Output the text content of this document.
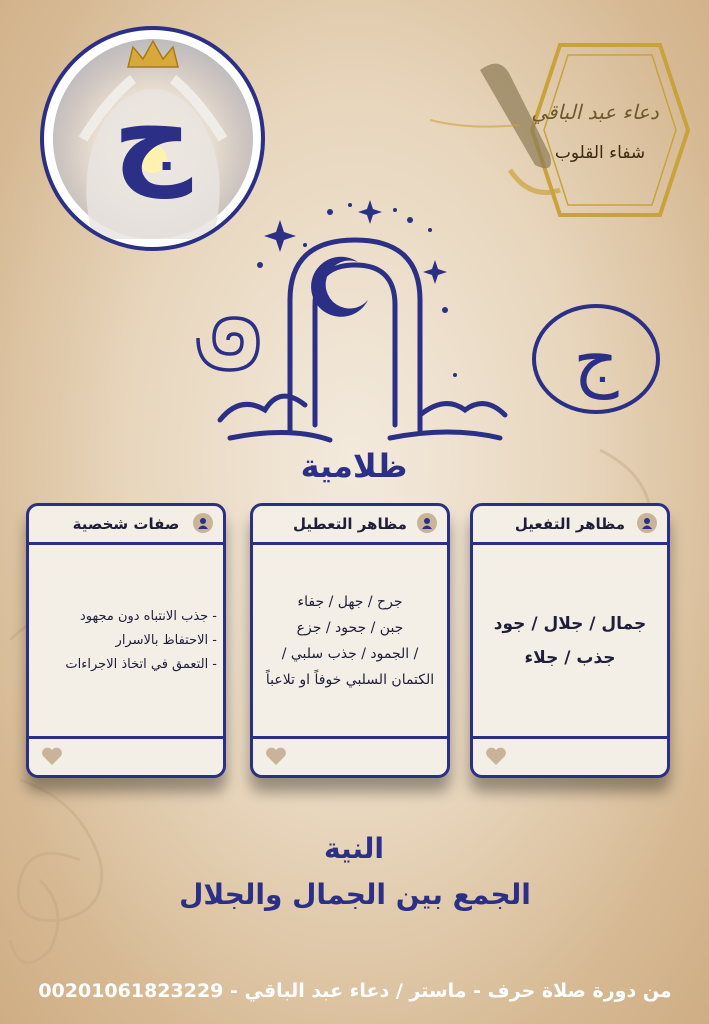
ج	دعاء عبد الباقي
شفاء القلوب
ج
ظلامية
صفات شخصية
- جذب الانتباه دون مجهود
- الاحتفاظ بالاسرار
- التعمق في اتخاذ الاجراءات
مظاهر التعطيل
جرح / جهل / جفاء
جبن / جحود / جزع
/ الجمود / جذب سلبي /
الكتمان السلبي خوفاً او تلاعباً
مظاهر التفعيل
جمال / جلال / جود
جذب / جلاء
النية
الجمع بين الجمال والجلال
من دورة صلاة حرف - ماستر / دعاء عبد الباقي - 00201061823229
